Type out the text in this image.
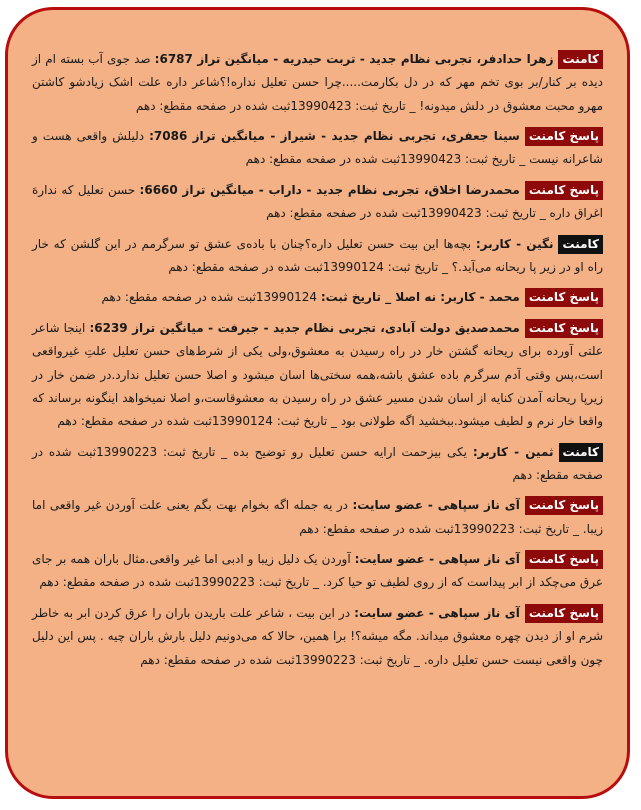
کامنتزهرا حدادفر، تجربی نظام جدید - تربت حیدریه - میانگین تراز 6787: صد جوی آب بسته ام از دیده بر کنار/بر بوی تخم مهر که در دل بکارمت.....چرا حسن تعلیل نداره!؟شاعر داره علت اشک زیادشو کاشتن مهرو محبت معشوق در دلش میدونه! _ تاریخ ثبت: 13990423ثبت شده در صفحه مقطع: دهم
پاسخ کامنتسینا جعفری، تجربی نظام جدید - شیراز - میانگین تراز 7086: دلیلش واقعی هست و شاعرانه نیست _ تاریخ ثبت: 13990423ثبت شده در صفحه مقطع: دهم
پاسخ کامنتمحمدرضا اخلاق، تجربی نظام جدید - داراب - میانگین تراز 6660: حسن تعلیل که ندارهَ اغراق داره _ تاریخ ثبت: 13990423ثبت شده در صفحه مقطع: دهم
کامنتنگین - کاربر: بچه‌ها این بیت حسن تعلیل داره؟چنان با باده‌ی عشق تو سرگرمم در این گلشن که خار راه او در زیر پا ریحانه می‌آید.؟ _ تاریخ ثبت: 13990124ثبت شده در صفحه مقطع: دهم
پاسخ کامنتمحمد - کاربر: نه اصلا _ تاریخ ثبت: 13990124ثبت شده در صفحه مقطع: دهم
پاسخ کامنتمحمدصدیق دولت آبادی، تجربی نظام جدید - جیرفت - میانگین تراز 6239: اینجا شاعر علتی آورده برای ریحانه گشتن خار در راه رسیدن به معشوق،ولی یکی از شرط‌های حسن تعلیل علتِ غیرواقعی است،پس وقتی آدم سرگرم باده عشق باشه،همه سختی‌ها اسان میشود و اصلا حسن تعلیل ندارد.در ضمن خار در زیرپا ریحانه آمدن کنایه از اسان شدن مسیر عشق در راه رسیدن به معشوقاست،و اصلا نمیخواهد اینگونه برساند که واقعا خار نرم و لطیف میشود.ببخشید اگه طولانی بود _ تاریخ ثبت: 13990124ثبت شده در صفحه مقطع: دهم
کامنتثمین - کاربر: یکی بیزحمت ارایه حسن تعلیل رو توضیح بده _ تاریخ ثبت: 13990223ثبت شده در صفحه مقطع: دهم
پاسخ کامنتآی ناز سپاهی - عضو سایت: در یه جمله اگه بخوام بهت بگم یعنی علت آوردن غیر واقعی اما زیبا. _ تاریخ ثبت: 13990223ثبت شده در صفحه مقطع: دهم
پاسخ کامنتآی ناز سپاهی - عضو سایت: آوردن یک دلیل زیبا و ادبی اما غیر واقعی.مثال باران همه بر جای عرق می‌چکد از ابر پیداست که از روی لطیف تو حیا کرد. _ تاریخ ثبت: 13990223ثبت شده در صفحه مقطع: دهم
پاسخ کامنتآی ناز سپاهی - عضو سایت: در این بیت ، شاعر علت باریدن باران را عرق کردن ابر به خاطر شرم او از دیدن چهره معشوق میداند. مگه میشه؟! برا همین، حالا که می‌دونیم دلیل بارش باران چیه . پس این دلیل چون واقعی نیست حسن تعلیل داره. _ تاریخ ثبت: 13990223ثبت شده در صفحه مقطع: دهم
